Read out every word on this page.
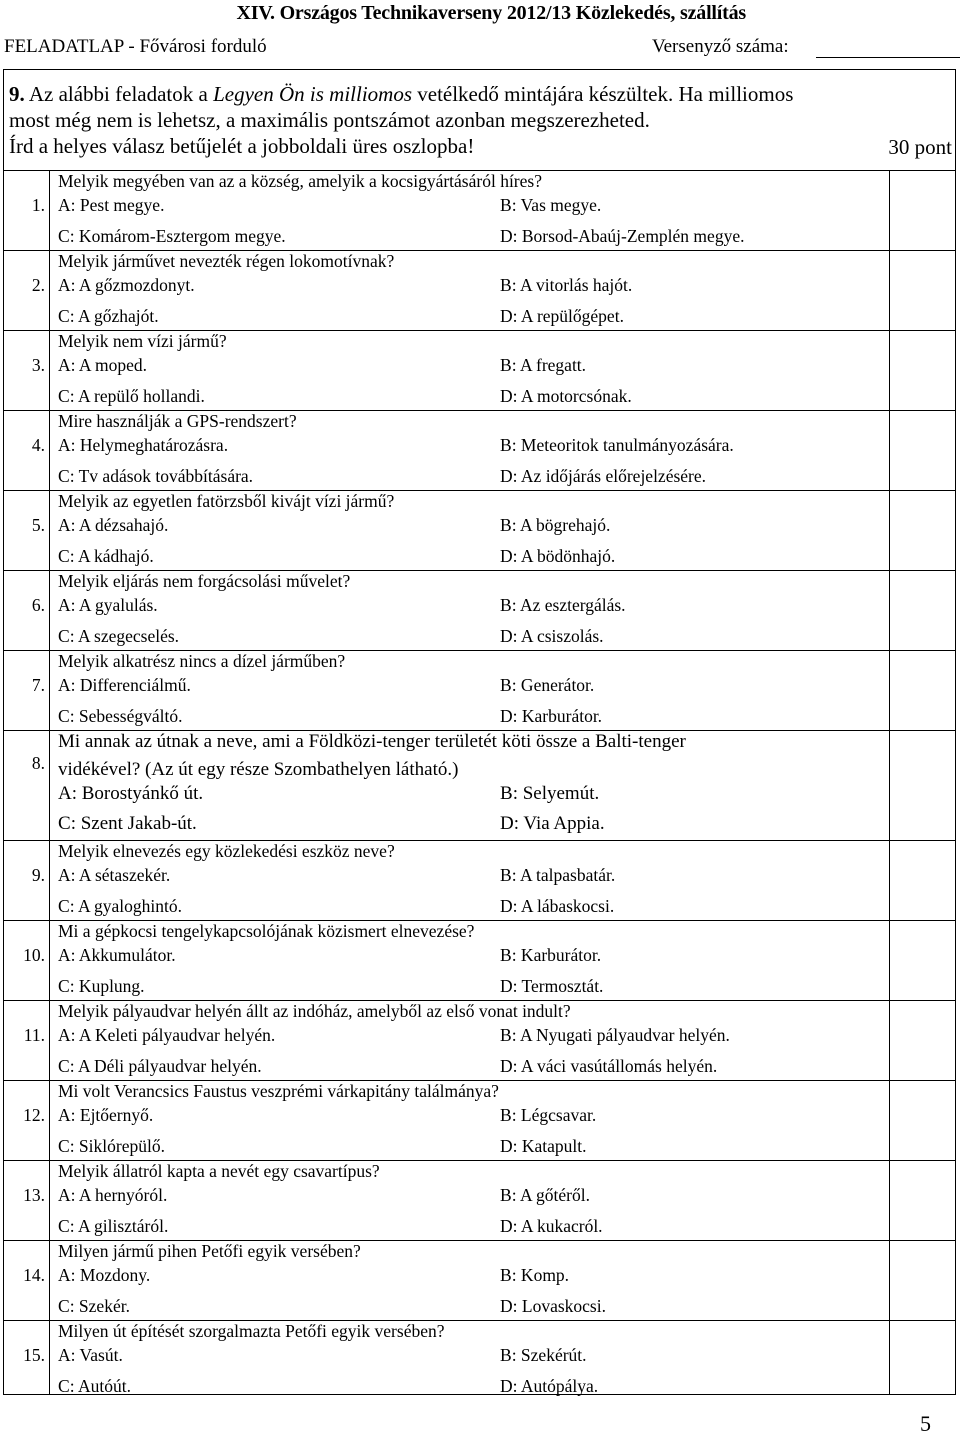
XIV. Országos Technikaverseny 2012/13 Közlekedés, szállítás
FELADATLAP - Fővárosi forduló	Versenyző száma:

9. Az alábbi feladatok a Legyen Ön is milliomos vetélkedő mintájára készültek. Ha milliomos

most még nem is lehetsz, a maximális pontszámot azonban megszerezheted.

Írd a helyes válasz betűjelét a jobboldali üres oszlopba!	30 pont
1.
Melyik megyében van az a község, amelyik a kocsigyártásáról híres?
A: Pest megye.	B: Vas megye.
C: Komárom-Esztergom megye.	D: Borsod-Abaúj-Zemplén megye.
2.
Melyik járművet nevezték régen lokomotívnak?
A: A gőzmozdonyt.	B: A vitorlás hajót.
C: A gőzhajót.	D: A repülőgépet.
3.
Melyik nem vízi jármű?
A: A moped.	B: A fregatt.
C: A repülő hollandi.	D: A motorcsónak.
4.
Mire használják a GPS-rendszert?
A: Helymeghatározásra.	B: Meteoritok tanulmányozására.
C: Tv adások továbbítására.	D: Az időjárás előrejelzésére.
5.
Melyik az egyetlen fatörzsből kivájt vízi jármű?
A: A dézsahajó.	B: A bögrehajó.
C: A kádhajó.	D: A bödönhajó.
6.
Melyik eljárás nem forgácsolási művelet?
A: A gyalulás.	B: Az esztergálás.
C: A szegecselés.	D: A csiszolás.
7.
Melyik alkatrész nincs a dízel járműben?
A: Differenciálmű.	B: Generátor.
C: Sebességváltó.	D: Karburátor.
8.
Mi annak az útnak a neve, ami a Földközi-tenger területét köti össze a Balti-tenger
vidékével? (Az út egy része Szombathelyen látható.)
A: Borostyánkő út.	B: Selyemút.
C: Szent Jakab-út.	D: Via Appia.
9.
Melyik elnevezés egy közlekedési eszköz neve?
A: A sétaszekér.	B: A talpasbatár.
C: A gyaloghintó.	D: A lábaskocsi.
10.
Mi a gépkocsi tengelykapcsolójának közismert elnevezése?
A: Akkumulátor.	B: Karburátor.
C: Kuplung.	D: Termosztát.
11.
Melyik pályaudvar helyén állt az indóház, amelyből az első vonat indult?
A: A Keleti pályaudvar helyén.	B: A Nyugati pályaudvar helyén.
C: A Déli pályaudvar helyén.	D: A váci vasútállomás helyén.
12.
Mi volt Verancsics Faustus veszprémi várkapitány találmánya?
A: Ejtőernyő.	B: Légcsavar.
C: Siklórepülő.	D: Katapult.
13.
Melyik állatról kapta a nevét egy csavartípus?
A: A hernyóról.	B: A gőtéről.
C: A gilisztáról.	D: A kukacról.
14.
Milyen jármű pihen Petőfi egyik versében?
A: Mozdony.	B: Komp.
C: Szekér.	D: Lovaskocsi.
15.
Milyen út építését szorgalmazta Petőfi egyik versében?
A: Vasút.	B: Szekérút.
C: Autóút.	D: Autópálya.
5
